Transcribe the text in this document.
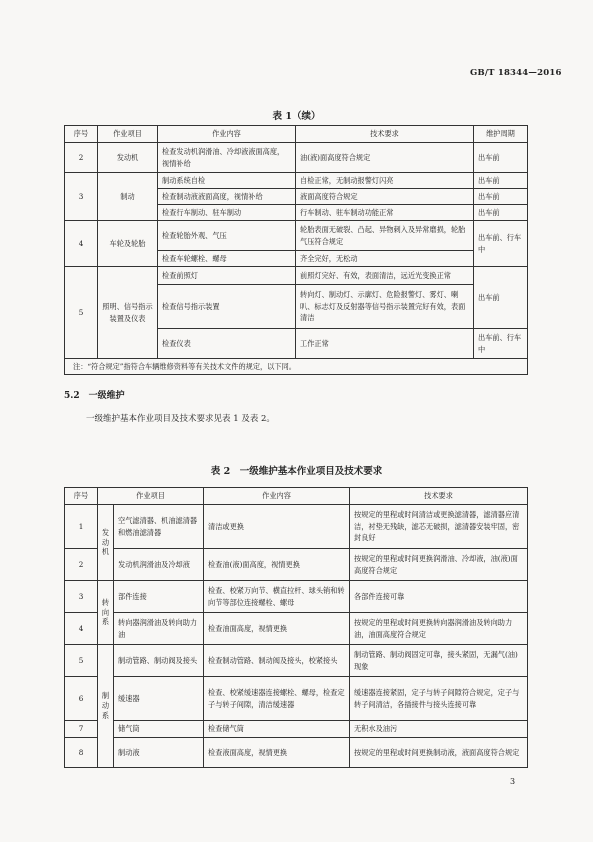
GB/T 18344—2016
表 1（续）
序号	作业项目	作业内容	技术要求	维护周期
2	发动机	检查发动机润滑油、冷却液液面高度，视情补给	油(液)面高度符合规定	出车前
3	制动	制动系统自检	自检正常，无制动报警灯闪亮	出车前
		检查制动液液面高度，视情补给	液面高度符合规定	出车前
		检查行车制动、驻车制动	行车制动、驻车制动功能正常	出车前
4	车轮及轮胎	检查轮胎外观、气压	轮胎表面无破裂、凸起、异物刺入及异常磨损，轮胎气压符合规定	出车前、行车中
		检查车轮螺栓、螺母	齐全完好，无松动	
5	照明、信号指示装置及仪表	检查前照灯	前照灯完好、有效，表面清洁，远近光变换正常	出车前
		检查信号指示装置	转向灯、制动灯、示廓灯、危险报警灯、雾灯、喇叭、标志灯及反射器等信号指示装置完好有效，表面清洁	
		检查仪表	工作正常	出车前、行车中
注：“符合规定”指符合车辆维修资料等有关技术文件的规定，以下同。				
5.2　一级维护
一级维护基本作业项目及技术要求见表 1 及表 2。
表 2　一级维护基本作业项目及技术要求
序号	作业项目		作业内容	技术要求
1	发动机	空气滤清器、机油滤清器和燃油滤清器	清洁或更换	按规定的里程或时间清洁或更换滤清器，滤清器应清洁，衬垫无残缺，滤芯无破损，滤清器安装牢固，密封良好
2		发动机润滑油及冷却液	检查油(液)面高度，视情更换	按规定的里程或时间更换润滑油、冷却液，油(液)面高度符合规定
3	转向系	部件连接	检查、校紧万向节、横直拉杆、球头销和转向节等部位连接螺栓、螺母	各部件连接可靠
4		转向器润滑油及转向助力油	检查油面高度，视情更换	按规定的里程或时间更换转向器润滑油及转向助力油，油面高度符合规定
5	制动系	制动管路、制动阀及接头	检查制动管路、制动阀及接头，校紧接头	制动管路、制动阀固定可靠，接头紧固，无漏气(油)现象
6		缓速器	检查、校紧缓速器连接螺栓、螺母，检查定子与转子间隙，清洁缓速器	缓速器连接紧固，定子与转子间隙符合规定，定子与转子间清洁，各插接件与接头连接可靠
7		储气筒	检查储气筒	无积水及油污
8		制动液	检查液面高度，视情更换	按规定的里程或时间更换制动液，液面高度符合规定
3
